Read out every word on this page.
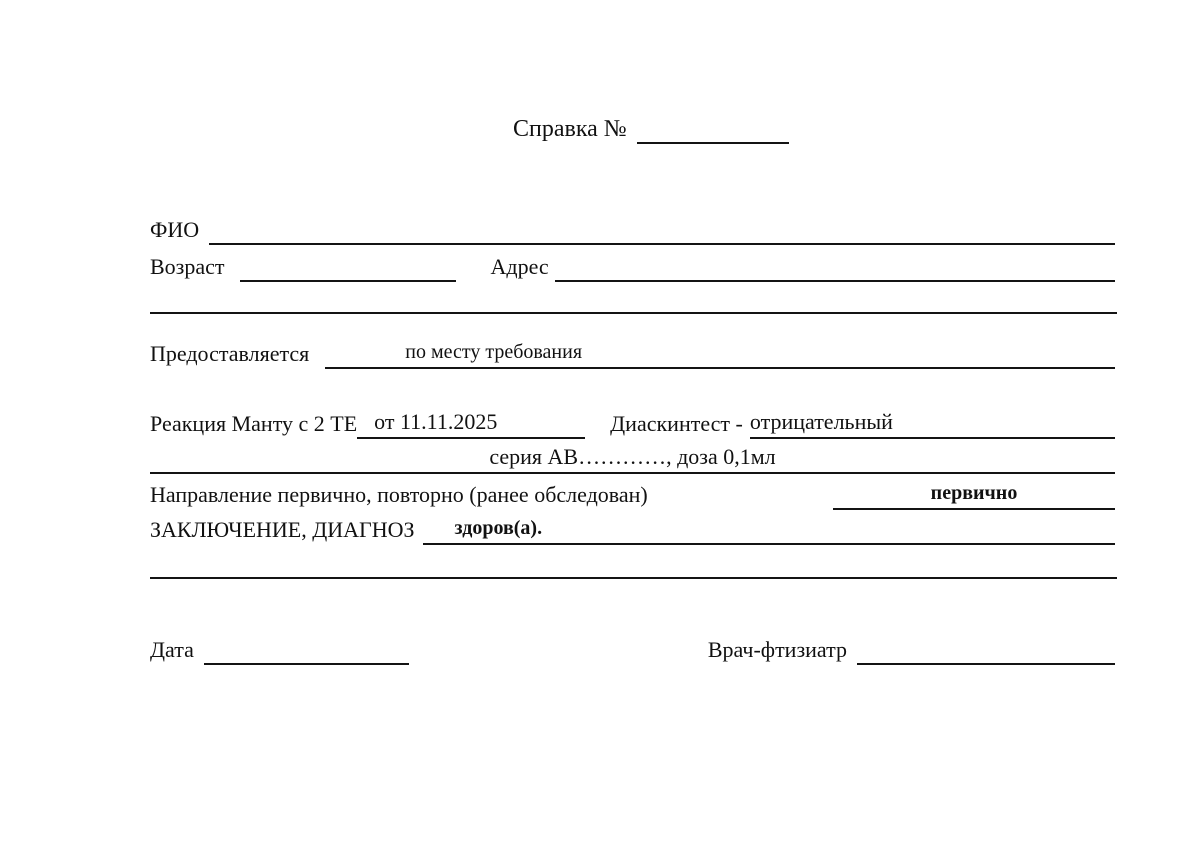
Справка №
ФИО
Возраст	Адрес
Предоставляется	по месту требования
Реакция Манту с 2 ТЕ от 11.11.2025	Диаскинтест - отрицательный
серия АВ…………, доза 0,1мл
Направление первично, повторно (ранее обследован)	первично
ЗАКЛЮЧЕНИЕ, ДИАГНОЗ	здоров(а).
Дата	Врач-фтизиатр
